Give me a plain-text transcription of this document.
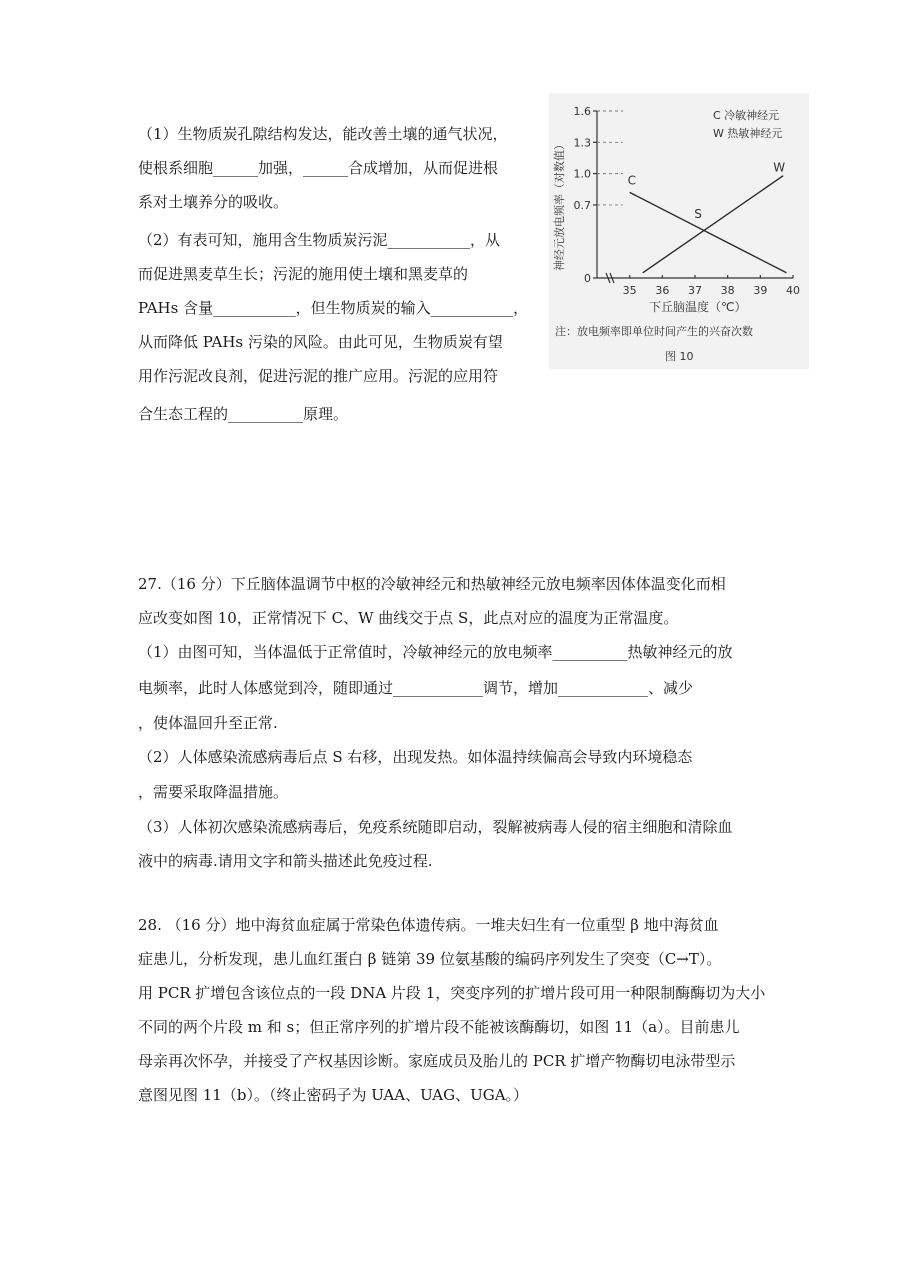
（1）生物质炭孔隙结构发达，能改善土壤的通气状况，
使根系细胞______加强，______合成增加，从而促进根
系对土壤养分的吸收。
（2）有表可知，施用含生物质炭污泥___________，从
而促进黑麦草生长；污泥的施用使土壤和黑麦草的
PAHs 含量___________，但生物质炭的输入___________，
从而降低 PAHs 污染的风险。由此可见，生物质炭有望
用作污泥改良剂，促进污泥的推广应用。污泥的应用符
合生态工程的__________原理。
0
0.7
1.0
1.3
1.6
35 36 37 38 39 40
C
W
S
神经元放电频率（对数值）
下丘脑温度（℃）
C 冷敏神经元
W 热敏神经元
注：放电频率即单位时间产生的兴奋次数
图 10
27.（16 分）下丘脑体温调节中枢的冷敏神经元和热敏神经元放电频率因体体温变化而相
应改变如图 10，正常情况下 C、W 曲线交于点 S，此点对应的温度为正常温度。
（1）由图可知，当体温低于正常值时，冷敏神经元的放电频率__________热敏神经元的放
电频率，此时人体感觉到冷，随即通过____________调节，增加____________、减少
，使体温回升至正常.
（2）人体感染流感病毒后点 S 右移，出现发热。如体温持续偏高会导致内环境稳态
，需要采取降温措施。
（3）人体初次感染流感病毒后，免疫系统随即启动，裂解被病毒人侵的宿主细胞和清除血
液中的病毒.请用文字和箭头描述此免疫过程.
28. （16 分）地中海贫血症属于常染色体遗传病。一堆夫妇生有一位重型 β 地中海贫血
症患儿，分析发现，患儿血红蛋白 β 链第 39 位氨基酸的编码序列发生了突变（C→T）。
用 PCR 扩增包含该位点的一段 DNA 片段 1，突变序列的扩增片段可用一种限制酶酶切为大小
不同的两个片段 m 和 s；但正常序列的扩增片段不能被该酶酶切，如图 11（a）。目前患儿
母亲再次怀孕，并接受了产权基因诊断。家庭成员及胎儿的 PCR 扩增产物酶切电泳带型示
意图见图 11（b）。（终止密码子为 UAA、UAG、UGA。）
